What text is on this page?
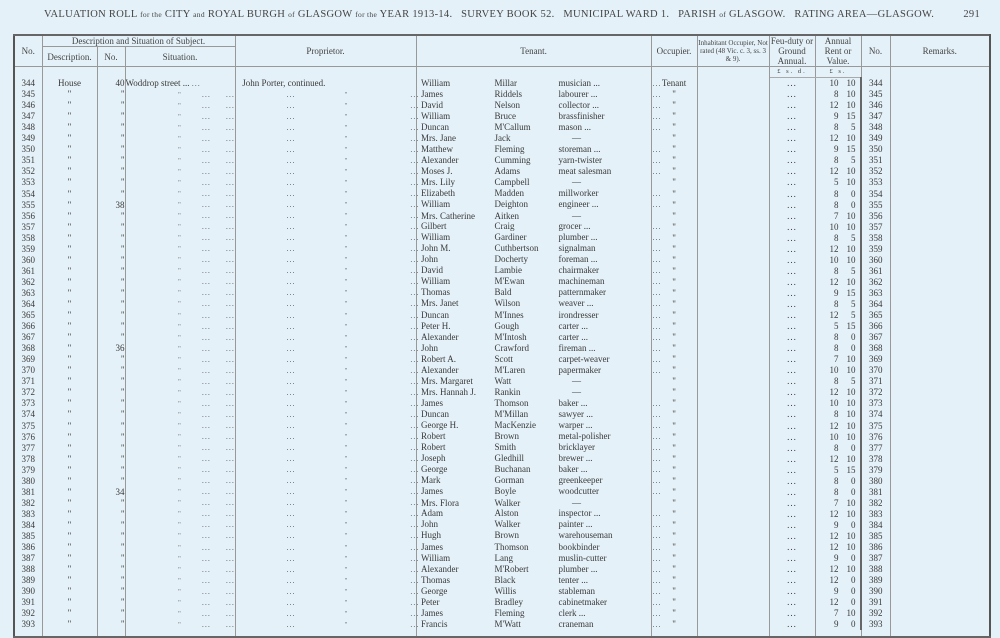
VALUATION ROLL for the CITY and ROYAL BURGH of GLASGOW for the YEAR 1913-14. SURVEY BOOK 52. MUNICIPAL WARD 1. PARISH of GLASGOW. RATING AREA—GLASGOW.	291
No.	Description and Situation of Subject.			Proprietor.	Tenant.	Occupier.	Inhabitant Occupier, Not rated (48 Vic. c. 3, ss. 3 & 9).	Feu-duty or Ground Annual.	Annual Rent or Value.	No.	Remarks.
	Description.	No.	Situation.								
								£ s. d.	£ s.		
344	House	40	Woddrop street ... ...	John Porter, continued.	William Millar musician ... ...	Tenant		...	10 10	344	
345	"	"	"       ...     ...	...                            "                     ...	James Riddels labourer ... ...	"		...	8 10	345	
346	"	"	"       ...     ...	...                            "                     ...	David Nelson collector ... ...	"		...	12 10	346	
347	"	"	"       ...     ...	...                            "                     ...	William Bruce brassfinisher ...	"		...	9 15	347	
348	"	"	"       ...     ...	...                            "                     ...	Duncan M'Callum mason ... ...	"		...	8 5	348	
349	"	"	"       ...     ...	...                            "                     ...	Mrs. Jane Jack —	"		...	12 10	349	
350	"	"	"       ...     ...	...                            "                     ...	Matthew Fleming storeman ... ...	"		...	9 15	350	
351	"	"	"       ...     ...	...                            "                     ...	Alexander Cumming yarn-twister ...	"		...	8 5	351	
352	"	"	"       ...     ...	...                            "                     ...	Moses J. Adams meat salesman ...	"		...	12 10	352	
353	"	"	"       ...     ...	...                            "                     ...	Mrs. Lily Campbell —	"		...	5 10	353	
354	"	"	"       ...     ...	...                            "                     ...	Elizabeth Madden millworker ...	"		...	8 0	354	
355	"	38	"       ...     ...	...                            "                     ...	William Deighton engineer ... ...	"		...	8 0	355	
356	"	"	"       ...     ...	...                            "                     ...	Mrs. Catherine Aitken —	"		...	7 10	356	
357	"	"	"       ...     ...	...                            "                     ...	Gilbert Craig grocer ... ...	"		...	10 10	357	
358	"	"	"       ...     ...	...                            "                     ...	William Gardiner plumber ... ...	"		...	8 5	358	
359	"	"	"       ...     ...	...                            "                     ...	John M. Cuthbertson signalman ...	"		...	12 10	359	
360	"	"	"       ...     ...	...                            "                     ...	John Docherty foreman ... ...	"		...	10 10	360	
361	"	"	"       ...     ...	...                            "                     ...	David Lambie chairmaker ...	"		...	8 5	361	
362	"	"	"       ...     ...	...                            "                     ...	William M'Ewan machineman ...	"		...	12 10	362	
363	"	"	"       ...     ...	...                            "                     ...	Thomas Bald patternmaker ...	"		...	9 15	363	
364	"	"	"       ...     ...	...                            "                     ...	Mrs. Janet Wilson weaver ... ...	"		...	8 5	364	
365	"	"	"       ...     ...	...                            "                     ...	Duncan M'Innes irondresser ...	"		...	12 5	365	
366	"	"	"       ...     ...	...                            "                     ...	Peter H. Gough carter ... ...	"		...	5 15	366	
367	"	"	"       ...     ...	...                            "                     ...	Alexander M'Intosh carter ... ...	"		...	8 0	367	
368	"	36	"       ...     ...	...                            "                     ...	John Crawford fireman ... ...	"		...	8 0	368	
369	"	"	"       ...     ...	...                            "                     ...	Robert A. Scott carpet-weaver ...	"		...	7 10	369	
370	"	"	"       ...     ...	...                            "                     ...	Alexander M'Laren papermaker ...	"		...	10 10	370	
371	"	"	"       ...     ...	...                            "                     ...	Mrs. Margaret Watt —	"		...	8 5	371	
372	"	"	"       ...     ...	...                            "                     ...	Mrs. Hannah J. Rankin —	"		...	12 10	372	
373	"	"	"       ...     ...	...                            "                     ...	James Thomson baker ... ...	"		...	10 10	373	
374	"	"	"       ...     ...	...                            "                     ...	Duncan M'Millan sawyer ... ...	"		...	8 10	374	
375	"	"	"       ...     ...	...                            "                     ...	George H. MacKenzie warper ... ...	"		...	12 10	375	
376	"	"	"       ...     ...	...                            "                     ...	Robert Brown metal-polisher ...	"		...	10 10	376	
377	"	"	"       ...     ...	...                            "                     ...	Robert Smith bricklayer ...	"		...	8 0	377	
378	"	"	"       ...     ...	...                            "                     ...	Joseph Gledhill brewer ... ...	"		...	12 10	378	
379	"	"	"       ...     ...	...                            "                     ...	George Buchanan baker ... ...	"		...	5 15	379	
380	"	"	"       ...     ...	...                            "                     ...	Mark Gorman greenkeeper ...	"		...	8 0	380	
381	"	34	"       ...     ...	...                            "                     ...	James Boyle woodcutter ...	"		...	8 0	381	
382	"	"	"       ...     ...	...                            "                     ...	Mrs. Flora Walker —	"		...	7 10	382	
383	"	"	"       ...     ...	...                            "                     ...	Adam Alston inspector ... ...	"		...	12 10	383	
384	"	"	"       ...     ...	...                            "                     ...	John Walker painter ... ...	"		...	9 0	384	
385	"	"	"       ...     ...	...                            "                     ...	Hugh Brown warehouseman ...	"		...	12 10	385	
386	"	"	"       ...     ...	...                            "                     ...	James Thomson bookbinder ...	"		...	12 10	386	
387	"	"	"       ...     ...	...                            "                     ...	William Lang muslin-cutter ...	"		...	9 0	387	
388	"	"	"       ...     ...	...                            "                     ...	Alexander M'Robert plumber ... ...	"		...	12 10	388	
389	"	"	"       ...     ...	...                            "                     ...	Thomas Black tenter ... ...	"		...	12 0	389	
390	"	"	"       ...     ...	...                            "                     ...	George Willis stableman ...	"		...	9 0	390	
391	"	"	"       ...     ...	...                            "                     ...	Peter Bradley cabinetmaker ...	"		...	12 0	391	
392	"	"	"       ...     ...	...                            "                     ...	James Fleming clerk ... ...	"		...	7 10	392	
393	"	"	"       ...     ...	...                            "                     ...	Francis M'Watt craneman ...	"		...	9 0	393	
